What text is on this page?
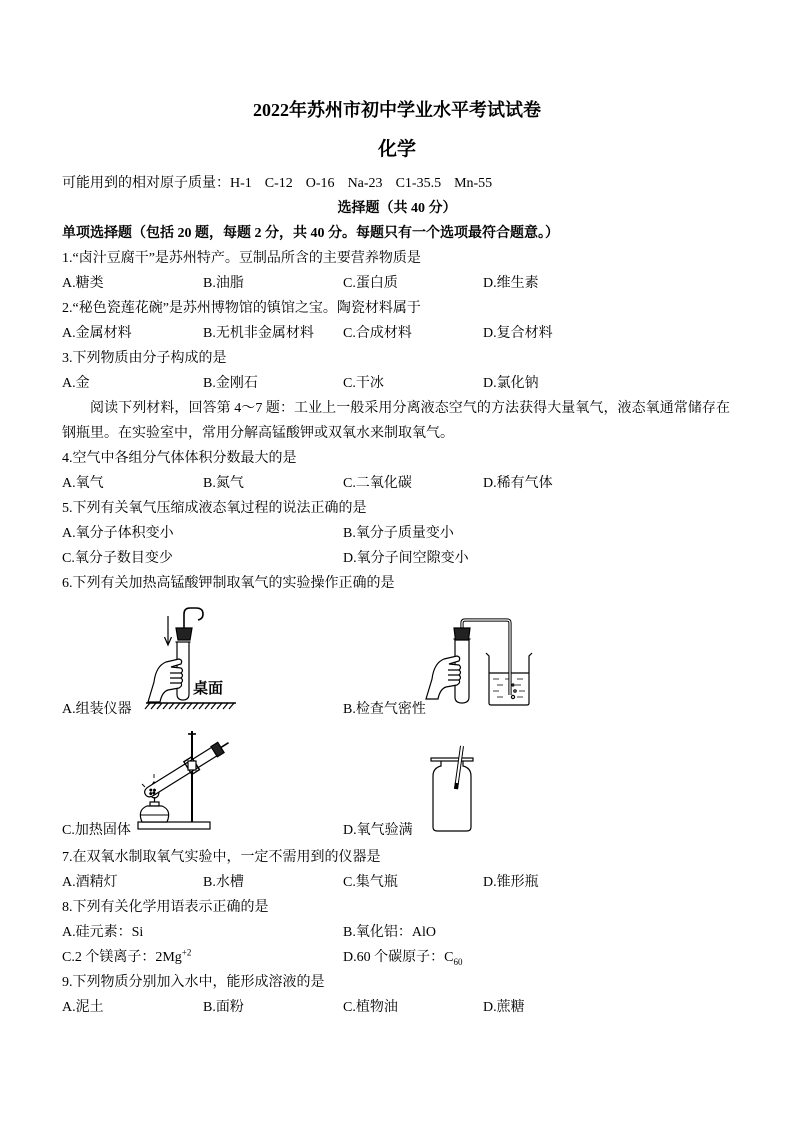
2022年苏州市初中学业水平考试试卷
化学
可能用到的相对原子质量：H-1 C-12 O-16 Na-23 C1-35.5 Mn-55
选择题（共 40 分）
单项选择题（包括 20 题，每题 2 分，共 40 分。每题只有一个选项最符合题意。）
1.“卤汁豆腐干”是苏州特产。豆制品所含的主要营养物质是
A.糖类	B.油脂	C.蛋白质	D.维生素
2.“秘色瓷莲花碗”是苏州博物馆的镇馆之宝。陶瓷材料属于
A.金属材料	B.无机非金属材料 C.合成材料	D.复合材料
3.下列物质由分子构成的是
A.金	B.金刚石	C.干冰	D.氯化钠
阅读下列材料，回答第 4～7 题：工业上一般采用分离液态空气的方法获得大量氧气，液态氧通常储存在
钢瓶里。在实验室中，常用分解高锰酸钾或双氧水来制取氧气。
4.空气中各组分气体体积分数最大的是
A.氧气	B.氮气	C.二氧化碳	D.稀有气体
5.下列有关氧气压缩成液态氧过程的说法正确的是
A.氧分子体积变小	B.氧分子质量变小
C.氧分子数目变少	D.氧分子间空隙变小
6.下列有关加热高锰酸钾制取氧气的实验操作正确的是
桌面
A.组装仪器	B.检查气密性
C.加热固体	D.氧气验满
7.在双氧水制取氧气实验中，一定不需用到的仪器是
A.酒精灯	B.水槽	C.集气瓶	D.锥形瓶
8.下列有关化学用语表示正确的是
A.硅元素：Si	B.氧化铝：AlO
C.2 个镁离子：$2Mg^{+2}$	D.60 个碳原子：$C_{60}$
9.下列物质分别加入水中，能形成溶液的是
A.泥土	B.面粉	C.植物油	D.蔗糖
